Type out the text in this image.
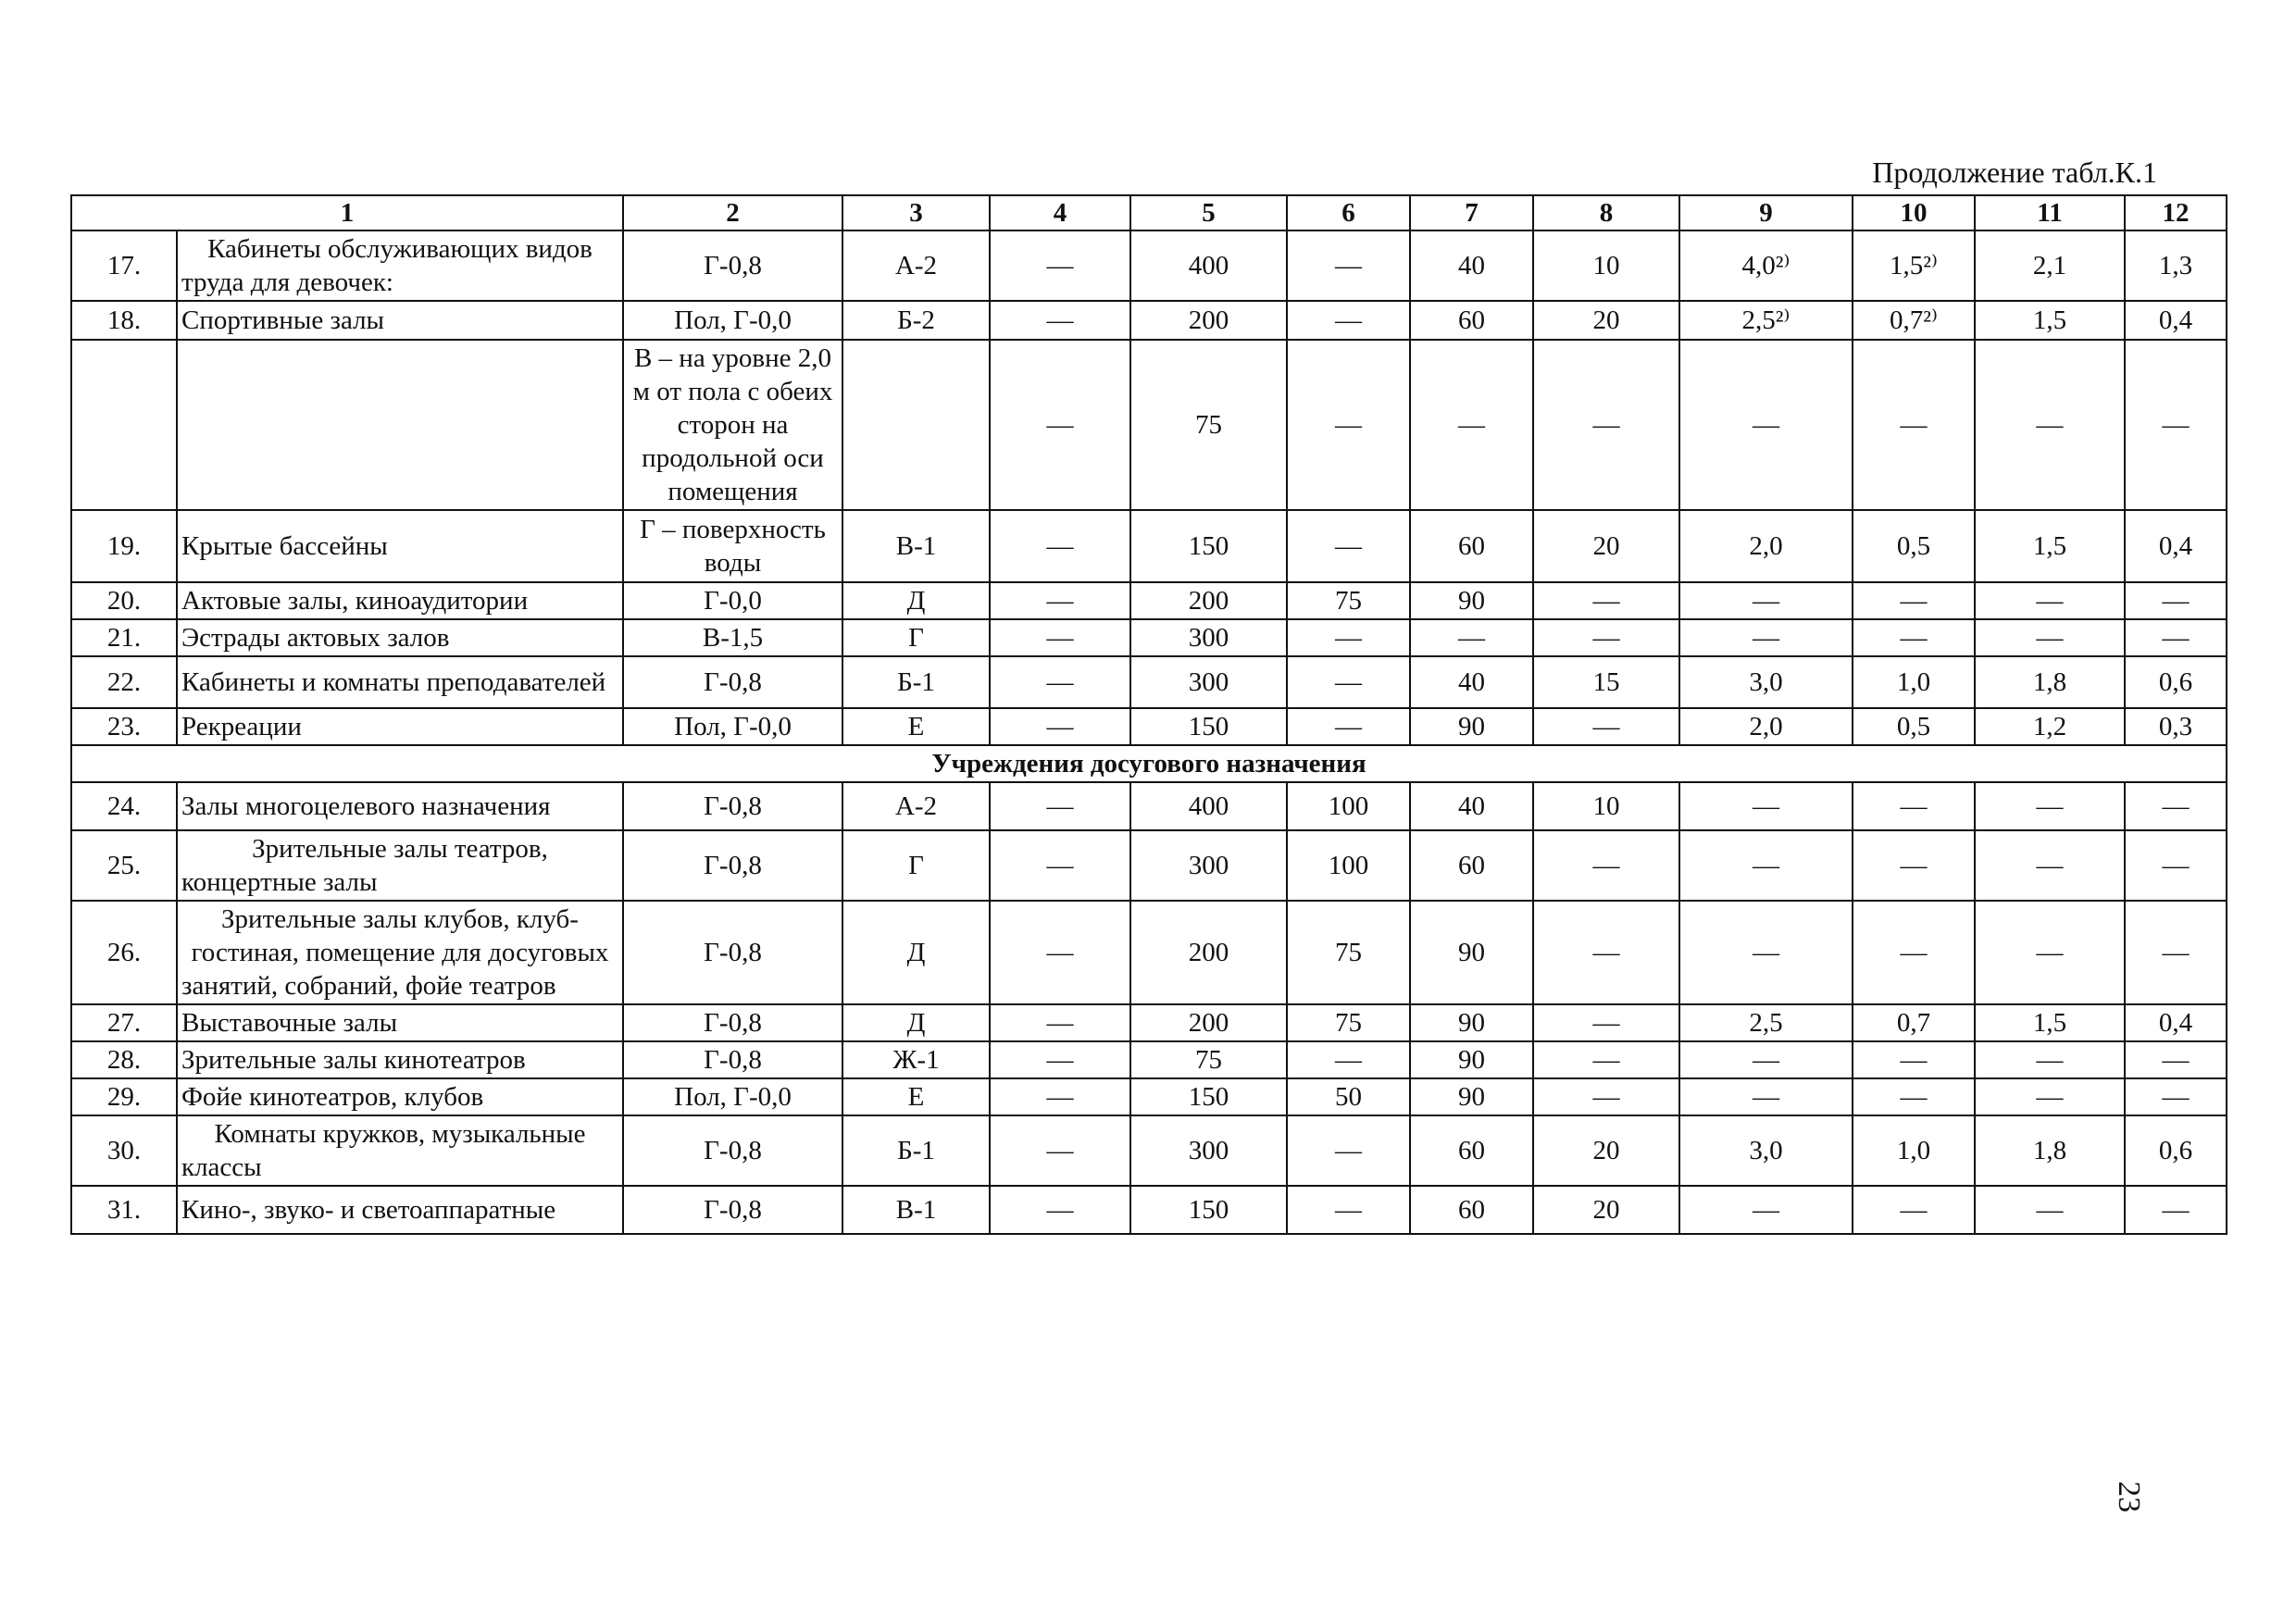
Продолжение табл.К.1

1		2	3	4	5	6	7	8	9	10	11	12
17.	Кабинеты обслуживающих видов труда для девочек:	Г-0,8	А-2	—	400	—	40	10	4,0²⁾	1,5²⁾	2,1	1,3
18.	Спортивные залы	Пол, Г-0,0	Б-2	—	200	—	60	20	2,5²⁾	0,7²⁾	1,5	0,4
		В – на уровне 2,0 м от пола с обеих сторон на продольной оси помещения		—	75	—	—	—	—	—	—	—
19.	Крытые бассейны	Г – поверхность воды	В-1	—	150	—	60	20	2,0	0,5	1,5	0,4
20.	Актовые залы, киноаудитории	Г-0,0	Д	—	200	75	90	—	—	—	—	—
21.	Эстрады актовых залов	В-1,5	Г	—	300	—	—	—	—	—	—	—
22.	Кабинеты и комнаты преподавателей	Г-0,8	Б-1	—	300	—	40	15	3,0	1,0	1,8	0,6
23.	Рекреации	Пол, Г-0,0	Е	—	150	—	90	—	2,0	0,5	1,2	0,3
Учреждения досугового назначения												
24.	Залы многоцелевого назначения	Г-0,8	А-2	—	400	100	40	10	—	—	—	—
25.	Зрительные залы театров, концертные залы	Г-0,8	Г	—	300	100	60	—	—	—	—	—
26.	Зрительные залы клубов, клуб-гостиная, помещение для досуговых занятий, собраний, фойе театров	Г-0,8	Д	—	200	75	90	—	—	—	—	—
27.	Выставочные залы	Г-0,8	Д	—	200	75	90	—	2,5	0,7	1,5	0,4
28.	Зрительные залы кинотеатров	Г-0,8	Ж-1	—	75	—	90	—	—	—	—	—
29.	Фойе кинотеатров, клубов	Пол, Г-0,0	Е	—	150	50	90	—	—	—	—	—
30.	Комнаты кружков, музыкальные классы	Г-0,8	Б-1	—	300	—	60	20	3,0	1,0	1,8	0,6
31.	Кино-, звуко- и светоаппаратные	Г-0,8	В-1	—	150	—	60	20	—	—	—	—
23
